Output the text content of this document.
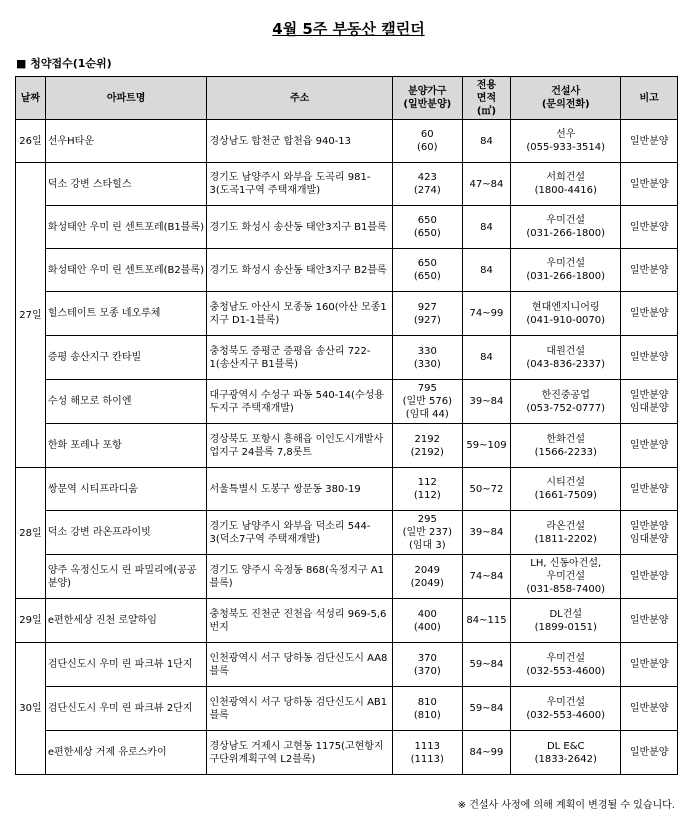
4월 5주 부동산 캘린더
■ 청약접수(1순위)
날짜	아파트명	주소	분양가구
(일반분양)	전용
면적
(㎡)	건설사
(문의전화)	비고

26일	선우H타운	경상남도 합천군 합천읍 940-13	60
(60)	84	선우
(055-933-3514)	일반분양

27일	덕소 강변 스타힐스	경기도 남양주시 와부읍 도곡리 981-3(도곡1구역 주택재개발)	423
(274)	47~84	서희건설
(1800-4416)	일반분양

	화성태안 우미 린 센트포레(B1블록)	경기도 화성시 송산동 태안3지구 B1블록	650
(650)	84	우미건설
(031-266-1800)	일반분양

	화성태안 우미 린 센트포레(B2블록)	경기도 화성시 송산동 태안3지구 B2블록	650
(650)	84	우미건설
(031-266-1800)	일반분양

	힐스테이트 모종 네오루체	충청남도 아산시 모종동 160(아산 모종1지구 D1-1블록)	927
(927)	74~99	현대엔지니어링
(041-910-0070)	일반분양

	증평 송산지구 칸타빌	충청북도 증평군 증평읍 송산리 722-1(송산지구 B1블록)	330
(330)	84	대원건설
(043-836-2337)	일반분양

	수성 해모로 하이엔	대구광역시 수성구 파동 540-14(수성용두지구 주택재개발)	795
(일반 576)
(임대 44)	39~84	한진중공업
(053-752-0777)	일반분양
임대분양

	한화 포레나 포항	경상북도 포항시 흥해읍 이인도시개발사업지구 24블록 7,8롯트	2192
(2192)	59~109	한화건설
(1566-2233)	일반분양

28일	쌍문역 시티프라디움	서울특별시 도봉구 쌍문동 380-19	112
(112)	50~72	시티건설
(1661-7509)	일반분양

	덕소 강변 라온프라이빗	경기도 남양주시 와부읍 덕소리 544-3(덕소7구역 주택재개발)	295
(일반 237)
(임대 3)	39~84	라온건설
(1811-2202)	일반분양
임대분양

	양주 옥정신도시 린 파밀리에(공공분양)	경기도 양주시 옥정동 868(옥정지구 A1블록)	2049
(2049)	74~84	LH, 신동아건설,
우미건설
(031-858-7400)	일반분양

29일	e편한세상 진천 로얄하임	충청북도 진천군 진천읍 석성리 969-5,6번지	400
(400)	84~115	DL건설
(1899-0151)	일반분양

30일	검단신도시 우미 린 파크뷰 1단지	인천광역시 서구 당하동 검단신도시 AA8블록	370
(370)	59~84	우미건설
(032-553-4600)	일반분양

	검단신도시 우미 린 파크뷰 2단지	인천광역시 서구 당하동 검단신도시 AB1블록	810
(810)	59~84	우미건설
(032-553-4600)	일반분양

	e편한세상 거제 유로스카이	경상남도 거제시 고현동 1175(고현항지구단위계획구역 L2블록)	1113
(1113)	84~99	DL E&C
(1833-2642)	일반분양
※ 건설사 사정에 의해 계획이 변경될 수 있습니다.
